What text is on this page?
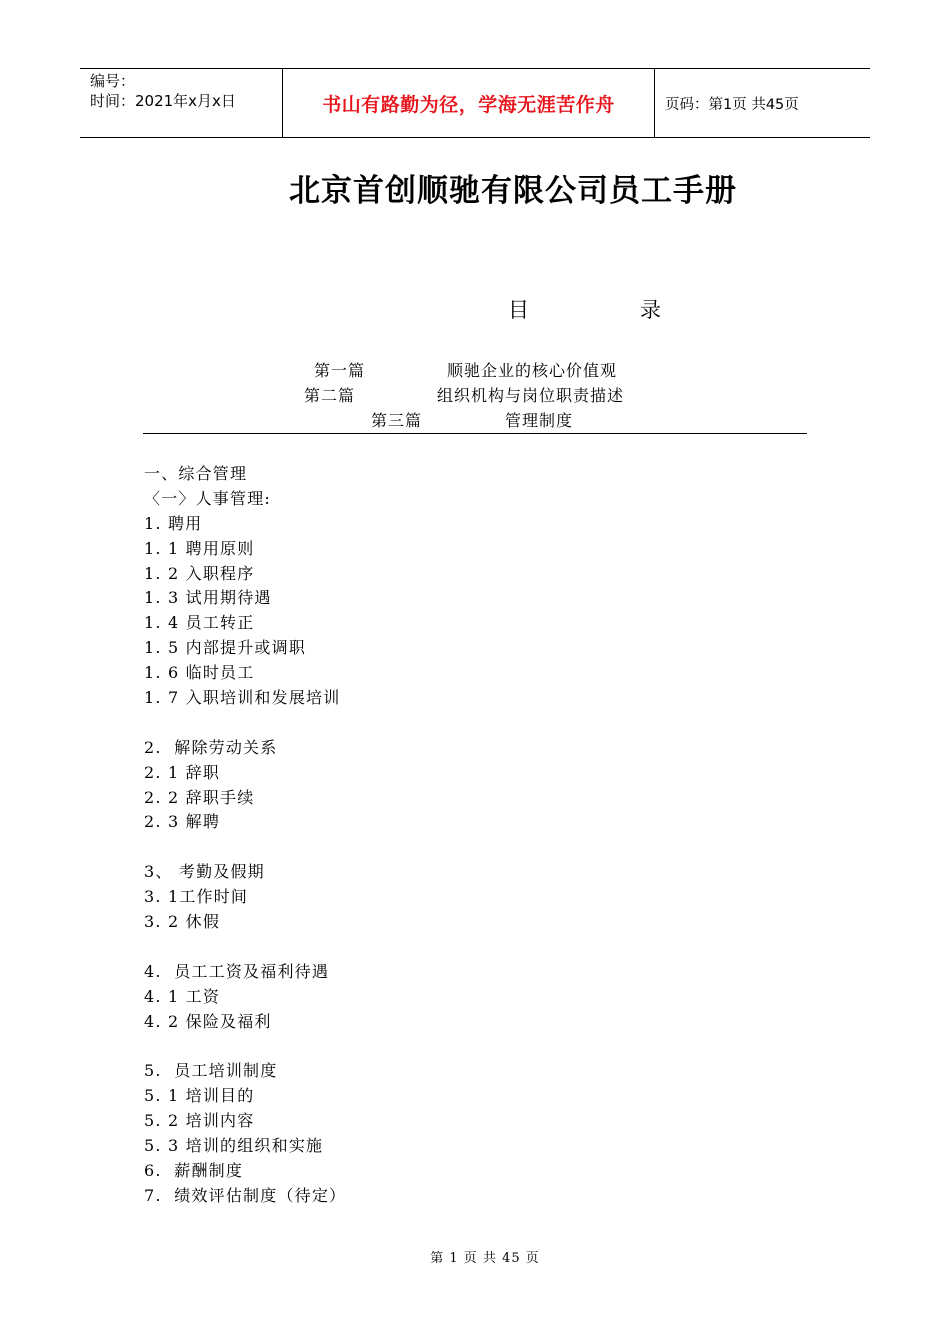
编号：
时间：2021年x月x日	书山有路勤为径，学海无涯苦作舟	页码：第1页 共45页
北京首创顺驰有限公司员工手册
目	录
第一篇	顺驰企业的核心价值观
第二篇	组织机构与岗位职责描述
第三篇	管理制度
一、综合管理
〈一〉人事管理:
1. 聘用
1. 1 聘用原则
1. 2 入职程序
1. 3 试用期待遇
1. 4 员工转正
1. 5 内部提升或调职
1. 6 临时员工
1. 7 入职培训和发展培训
2.  解除劳动关系
2. 1 辞职
2. 2 辞职手续
2. 3 解聘
3、 考勤及假期
3. 1工作时间
3. 2 休假
4.  员工工资及福利待遇
4. 1 工资
4. 2 保险及福利
5.  员工培训制度
5. 1 培训目的
5. 2 培训内容
5. 3 培训的组织和实施
6.  薪酬制度
7.  绩效评估制度（待定）
第 1 页 共 45 页
